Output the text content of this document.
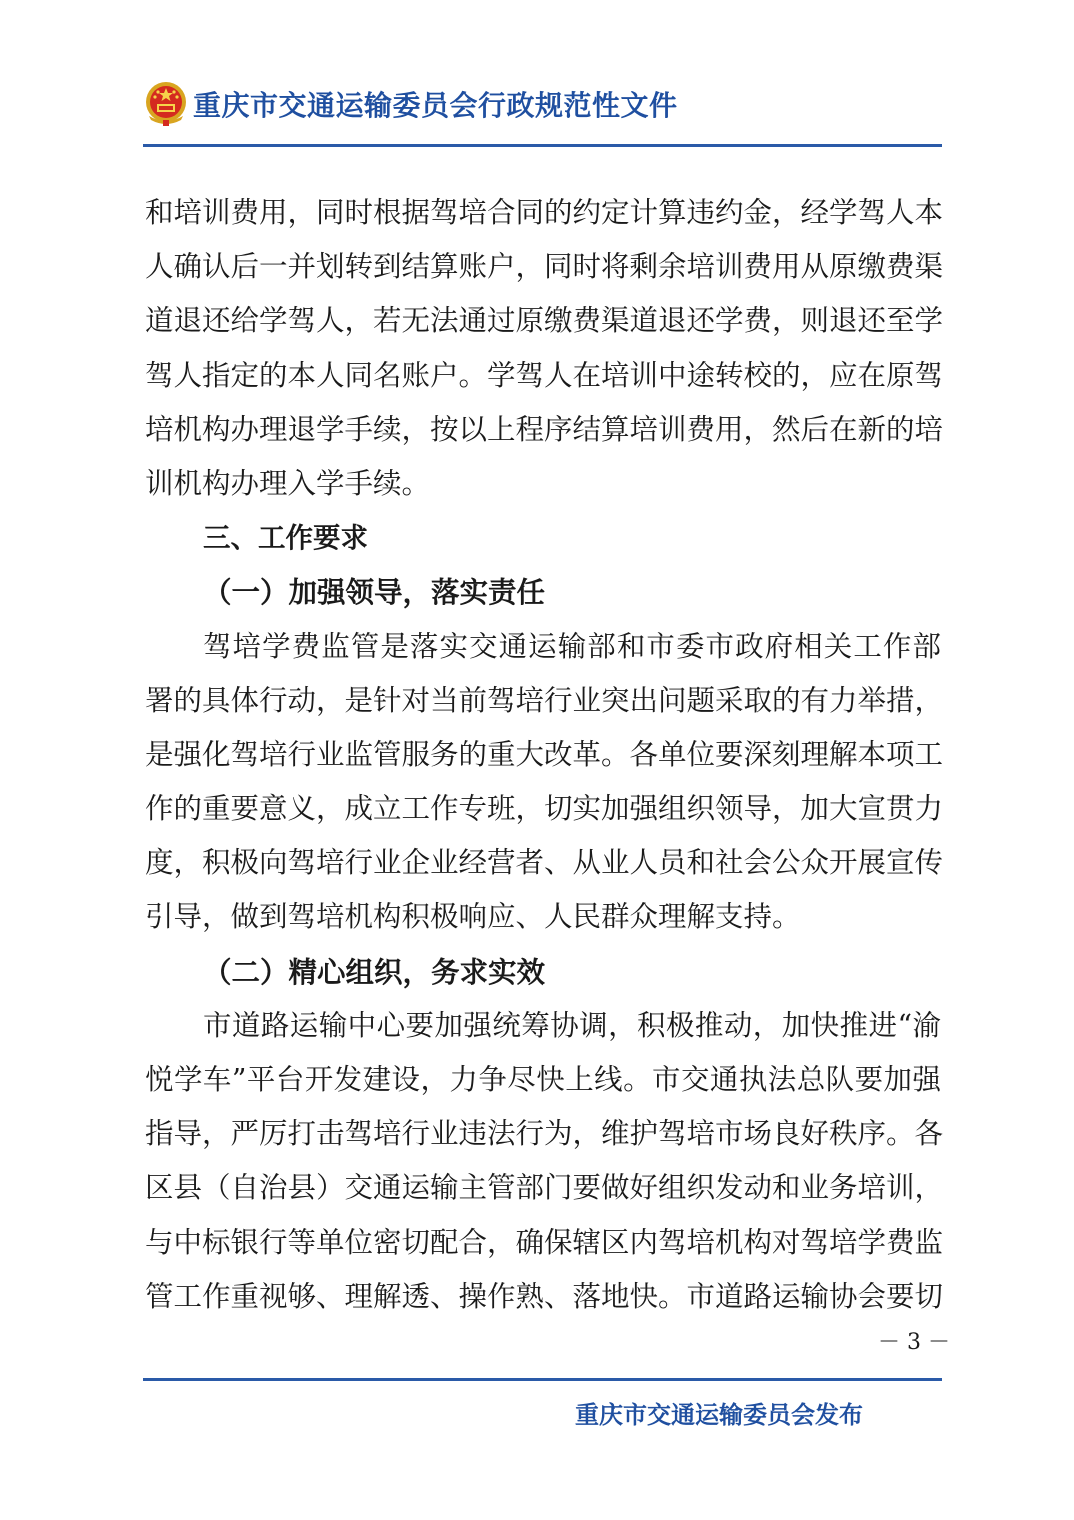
重庆市交通运输委员会行政规范性文件
和培训费用，同时根据驾培合同的约定计算违约金，经学驾人本
人确认后一并划转到结算账户，同时将剩余培训费用从原缴费渠
道退还给学驾人，若无法通过原缴费渠道退还学费，则退还至学
驾人指定的本人同名账户。学驾人在培训中途转校的，应在原驾
培机构办理退学手续，按以上程序结算培训费用，然后在新的培
训机构办理入学手续。
三、工作要求
（一）加强领导，落实责任
驾培学费监管是落实交通运输部和市委市政府相关工作部
署的具体行动，是针对当前驾培行业突出问题采取的有力举措，
是强化驾培行业监管服务的重大改革。各单位要深刻理解本项工
作的重要意义，成立工作专班，切实加强组织领导，加大宣贯力
度，积极向驾培行业企业经营者、从业人员和社会公众开展宣传
引导，做到驾培机构积极响应、人民群众理解支持。
（二）精心组织，务求实效
市道路运输中心要加强统筹协调，积极推动，加快推进“渝
悦学车”平台开发建设，力争尽快上线。市交通执法总队要加强
指导，严厉打击驾培行业违法行为，维护驾培市场良好秩序。各
区县（自治县）交通运输主管部门要做好组织发动和业务培训，
与中标银行等单位密切配合，确保辖区内驾培机构对驾培学费监
管工作重视够、理解透、操作熟、落地快。市道路运输协会要切
－ 3 －
重庆市交通运输委员会发布
